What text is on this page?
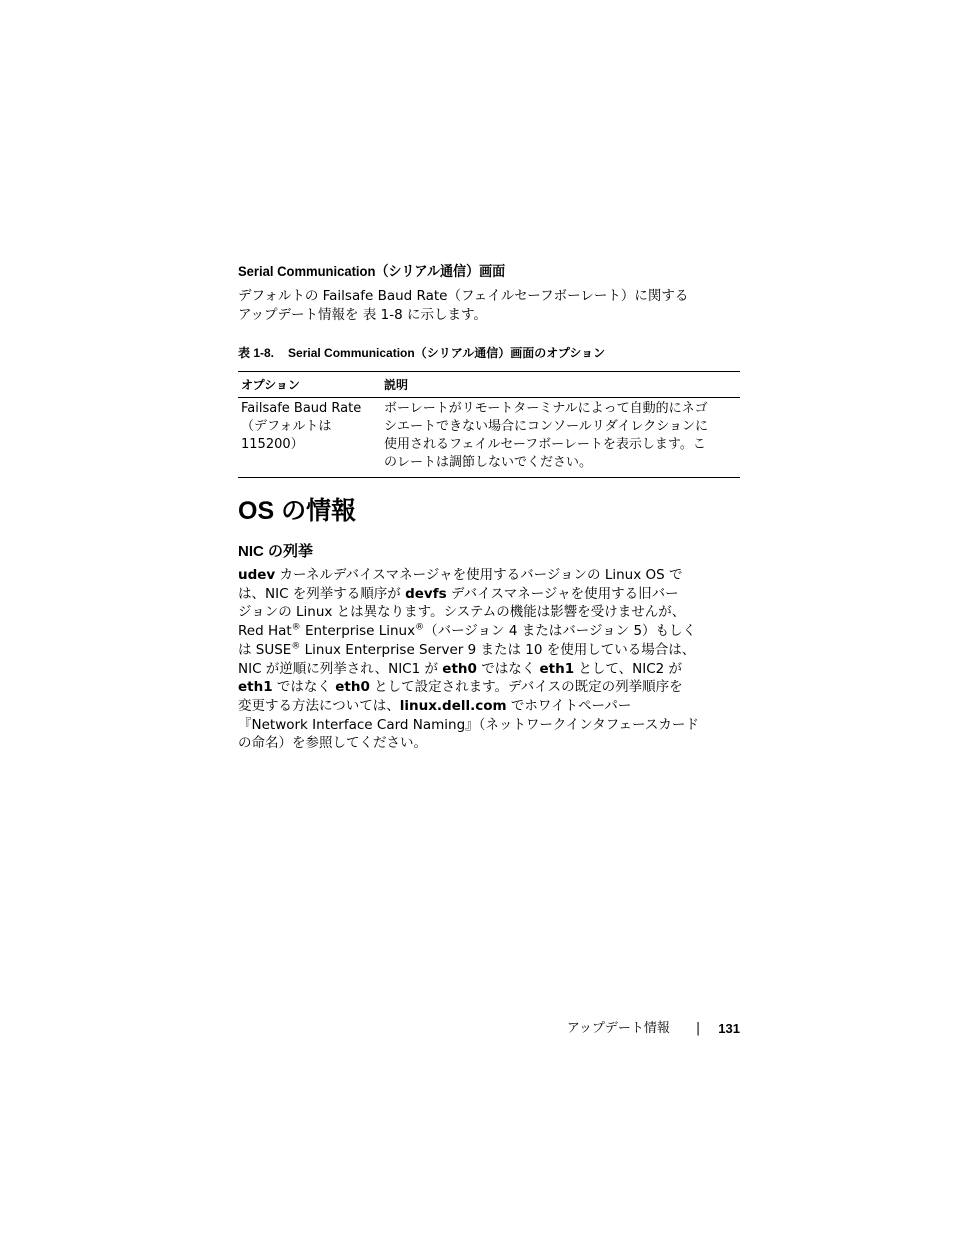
Serial Communication（シリアル通信）画面

デフォルトの Failsafe Baud Rate（フェイルセーフボーレート）に関する
アップデート情報を 表 1-8 に示します。

表 1-8. Serial Communication（シリアル通信）画面のオプション
オプション	説明
Failsafe Baud Rate
（デフォルトは
115200）	ボーレートがリモートターミナルによって自動的にネゴ
シエートできない場合にコンソールリダイレクションに
使用されるフェイルセーフボーレートを表示します。こ
のレートは調節しないでください。
OS の情報
NIC の列挙

udev カーネルデバイスマネージャを使用するバージョンの Linux OS で
は、NIC を列挙する順序が devfs デバイスマネージャを使用する旧バー
ジョンの Linux とは異なります。システムの機能は影響を受けませんが、
Red Hat® Enterprise Linux®（バージョン 4 またはバージョン 5）もしく
は SUSE® Linux Enterprise Server 9 または 10 を使用している場合は、
NIC が逆順に列挙され、NIC1 が eth0 ではなく eth1 として、NIC2 が
eth1 ではなく eth0 として設定されます。デバイスの既定の列挙順序を
変更する方法については、linux.dell.com でホワイトペーパー
『Network Interface Card Naming』（ネットワークインタフェースカード
の命名）を参照してください。

アップデート情報 | 131
